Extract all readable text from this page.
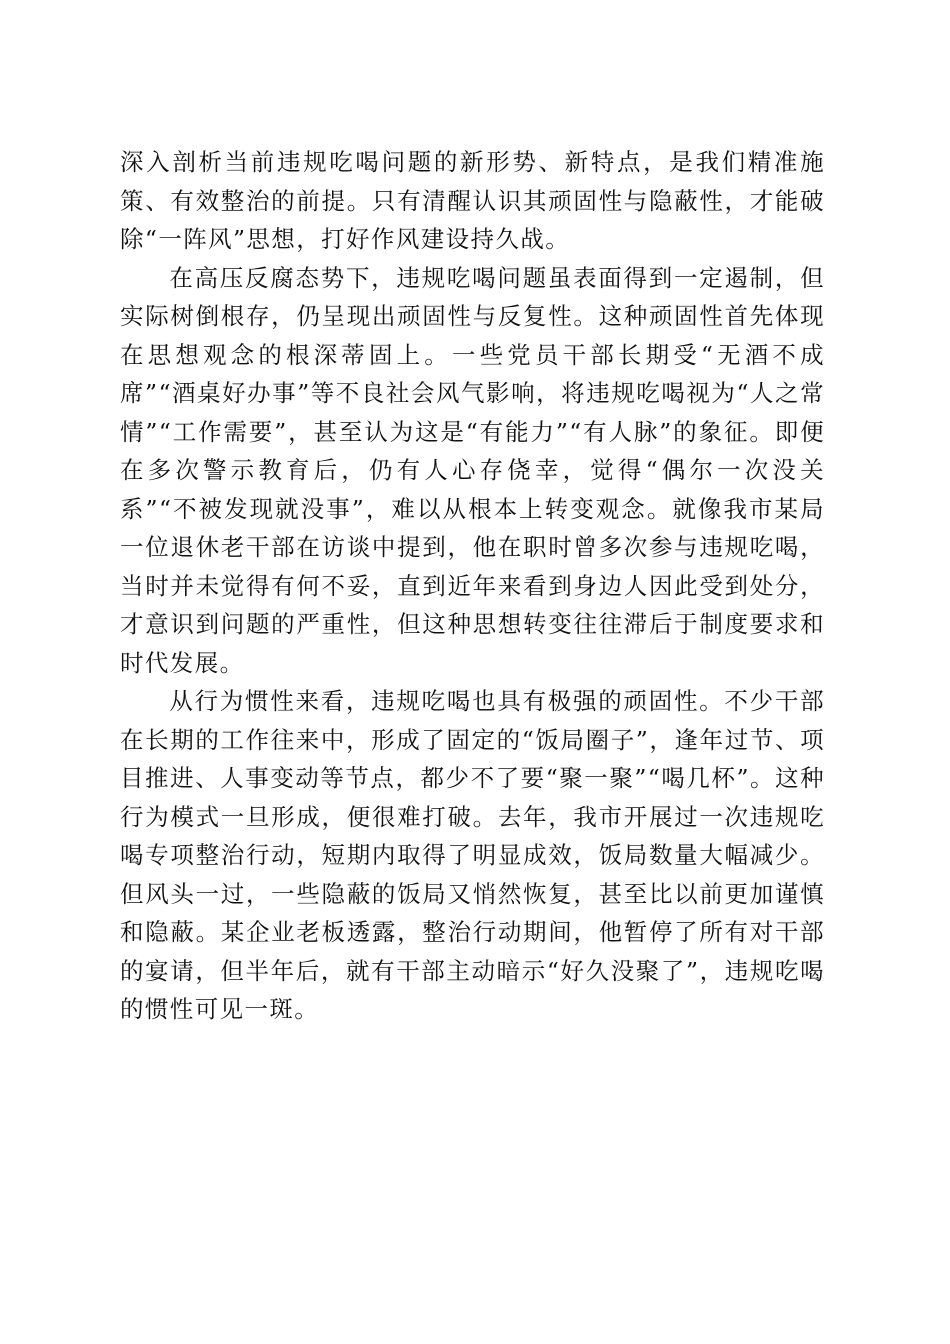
深入剖析当前违规吃喝问题的新形势、新特点，是我们精准施策、有效整治的前提。只有清醒认识其顽固性与隐蔽性，才能破除“一阵风”思想，打好作风建设持久战。

在高压反腐态势下，违规吃喝问题虽表面得到一定遏制，但实际树倒根存，仍呈现出顽固性与反复性。这种顽固性首先体现在思想观念的根深蒂固上。一些党员干部长期受“无酒不成席”“酒桌好办事”等不良社会风气影响，将违规吃喝视为“人之常情”“工作需要”，甚至认为这是“有能力”“有人脉”的象征。即便在多次警示教育后，仍有人心存侥幸，觉得“偶尔一次没关系”“不被发现就没事”，难以从根本上转变观念。就像我市某局一位退休老干部在访谈中提到，他在职时曾多次参与违规吃喝，当时并未觉得有何不妥，直到近年来看到身边人因此受到处分，才意识到问题的严重性，但这种思想转变往往滞后于制度要求和时代发展。

从行为惯性来看，违规吃喝也具有极强的顽固性。不少干部在长期的工作往来中，形成了固定的“饭局圈子”，逢年过节、项目推进、人事变动等节点，都少不了要“聚一聚”“喝几杯”。这种行为模式一旦形成，便很难打破。去年，我市开展过一次违规吃喝专项整治行动，短期内取得了明显成效，饭局数量大幅减少。但风头一过，一些隐蔽的饭局又悄然恢复，甚至比以前更加谨慎和隐蔽。某企业老板透露，整治行动期间，他暂停了所有对干部的宴请，但半年后，就有干部主动暗示“好久没聚了”，违规吃喝的惯性可见一斑。
